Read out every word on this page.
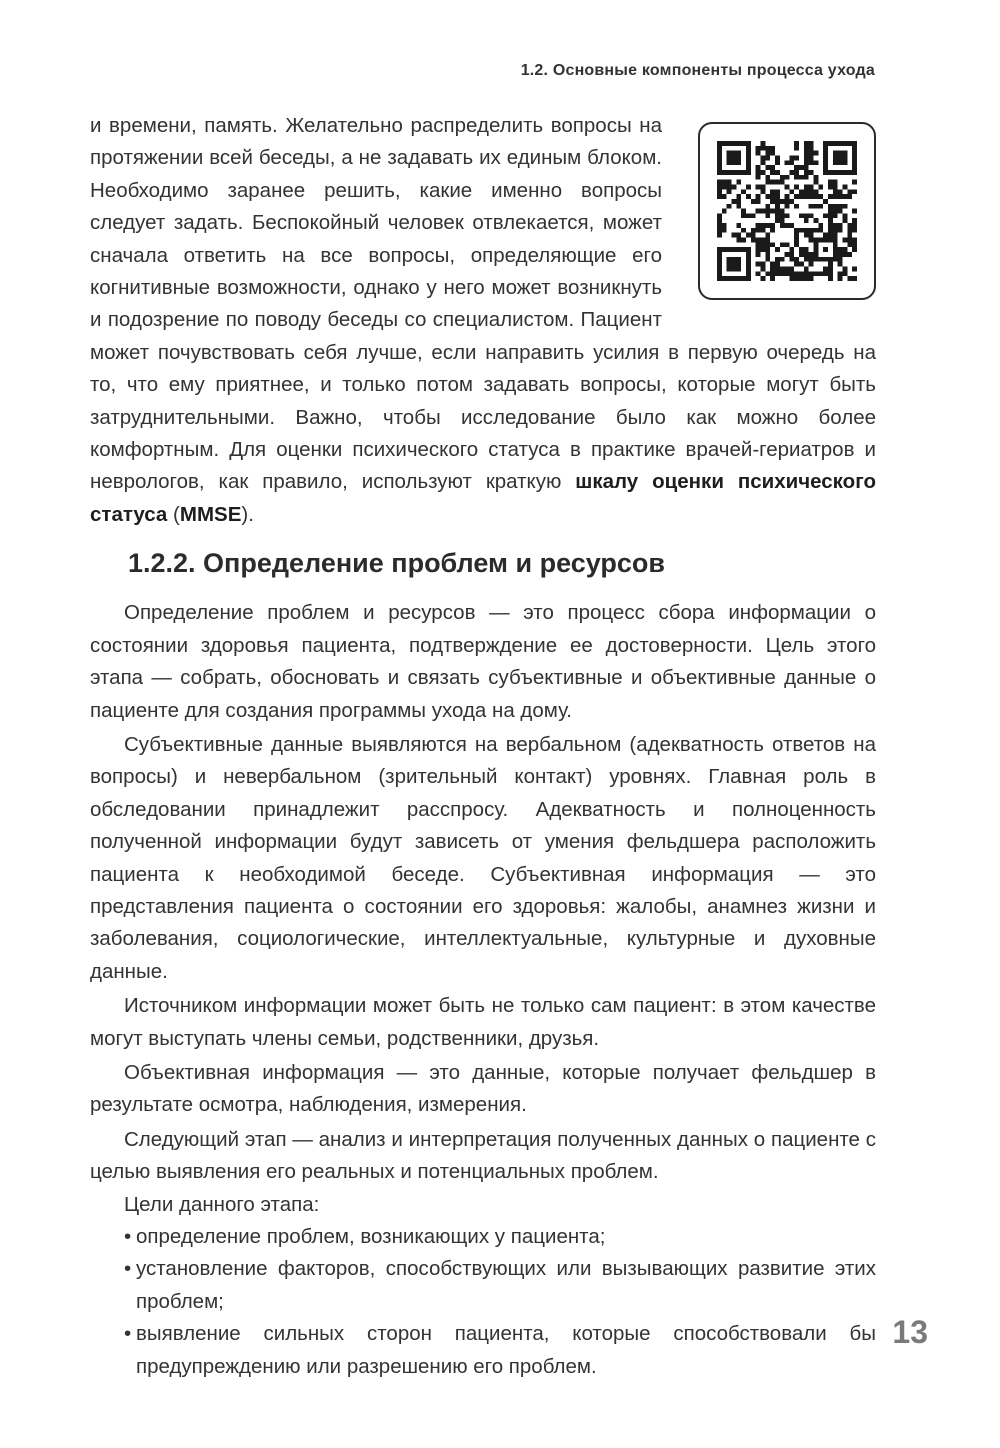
1.2. Основные компоненты процесса ухода

и времени, память. Желательно распределить вопросы на протяжении всей беседы, а не задавать их единым блоком. Необходимо заранее решить, какие именно вопросы следует задать. Беспокойный человек отвлекается, может сначала ответить на все вопросы, определяющие его когнитивные возможности, однако у него может возникнуть и подозрение по поводу беседы со специалистом. Пациент может почувствовать себя лучше, если направить усилия в первую очередь на то, что ему приятнее, и только потом задавать вопросы, которые могут быть затруднительными. Важно, чтобы исследование было как можно более комфортным. Для оценки психического статуса в практике врачей-гериатров и неврологов, как правило, используют краткую шкалу оценки психического статуса (MMSE).

1.2.2. Определение проблем и ресурсов

Определение проблем и ресурсов — это процесс сбора информации о состоянии здоровья пациента, подтверждение ее достоверности. Цель этого этапа — собрать, обосновать и связать субъективные и объективные данные о пациенте для создания программы ухода на дому.

Субъективные данные выявляются на вербальном (адекватность ответов на вопросы) и невербальном (зрительный контакт) уровнях. Главная роль в обследовании принадлежит расспросу. Адекватность и полноценность полученной информации будут зависеть от умения фельдшера расположить пациента к необходимой беседе. Субъективная информация — это представления пациента о состоянии его здоровья: жалобы, анамнез жизни и заболевания, социологические, интеллектуальные, культурные и духовные данные.

Источником информации может быть не только сам пациент: в этом качестве могут выступать члены семьи, родственники, друзья.

Объективная информация — это данные, которые получает фельдшер в результате осмотра, наблюдения, измерения.

Следующий этап — анализ и интерпретация полученных данных о пациенте с целью выявления его реальных и потенциальных проблем.

Цели данного этапа:

• определение проблем, возникающих у пациента;
• установление факторов, способствующих или вызывающих развитие этих проблем;
• выявление сильных сторон пациента, которые способствовали бы предупреждению или разрешению его проблем.
13
